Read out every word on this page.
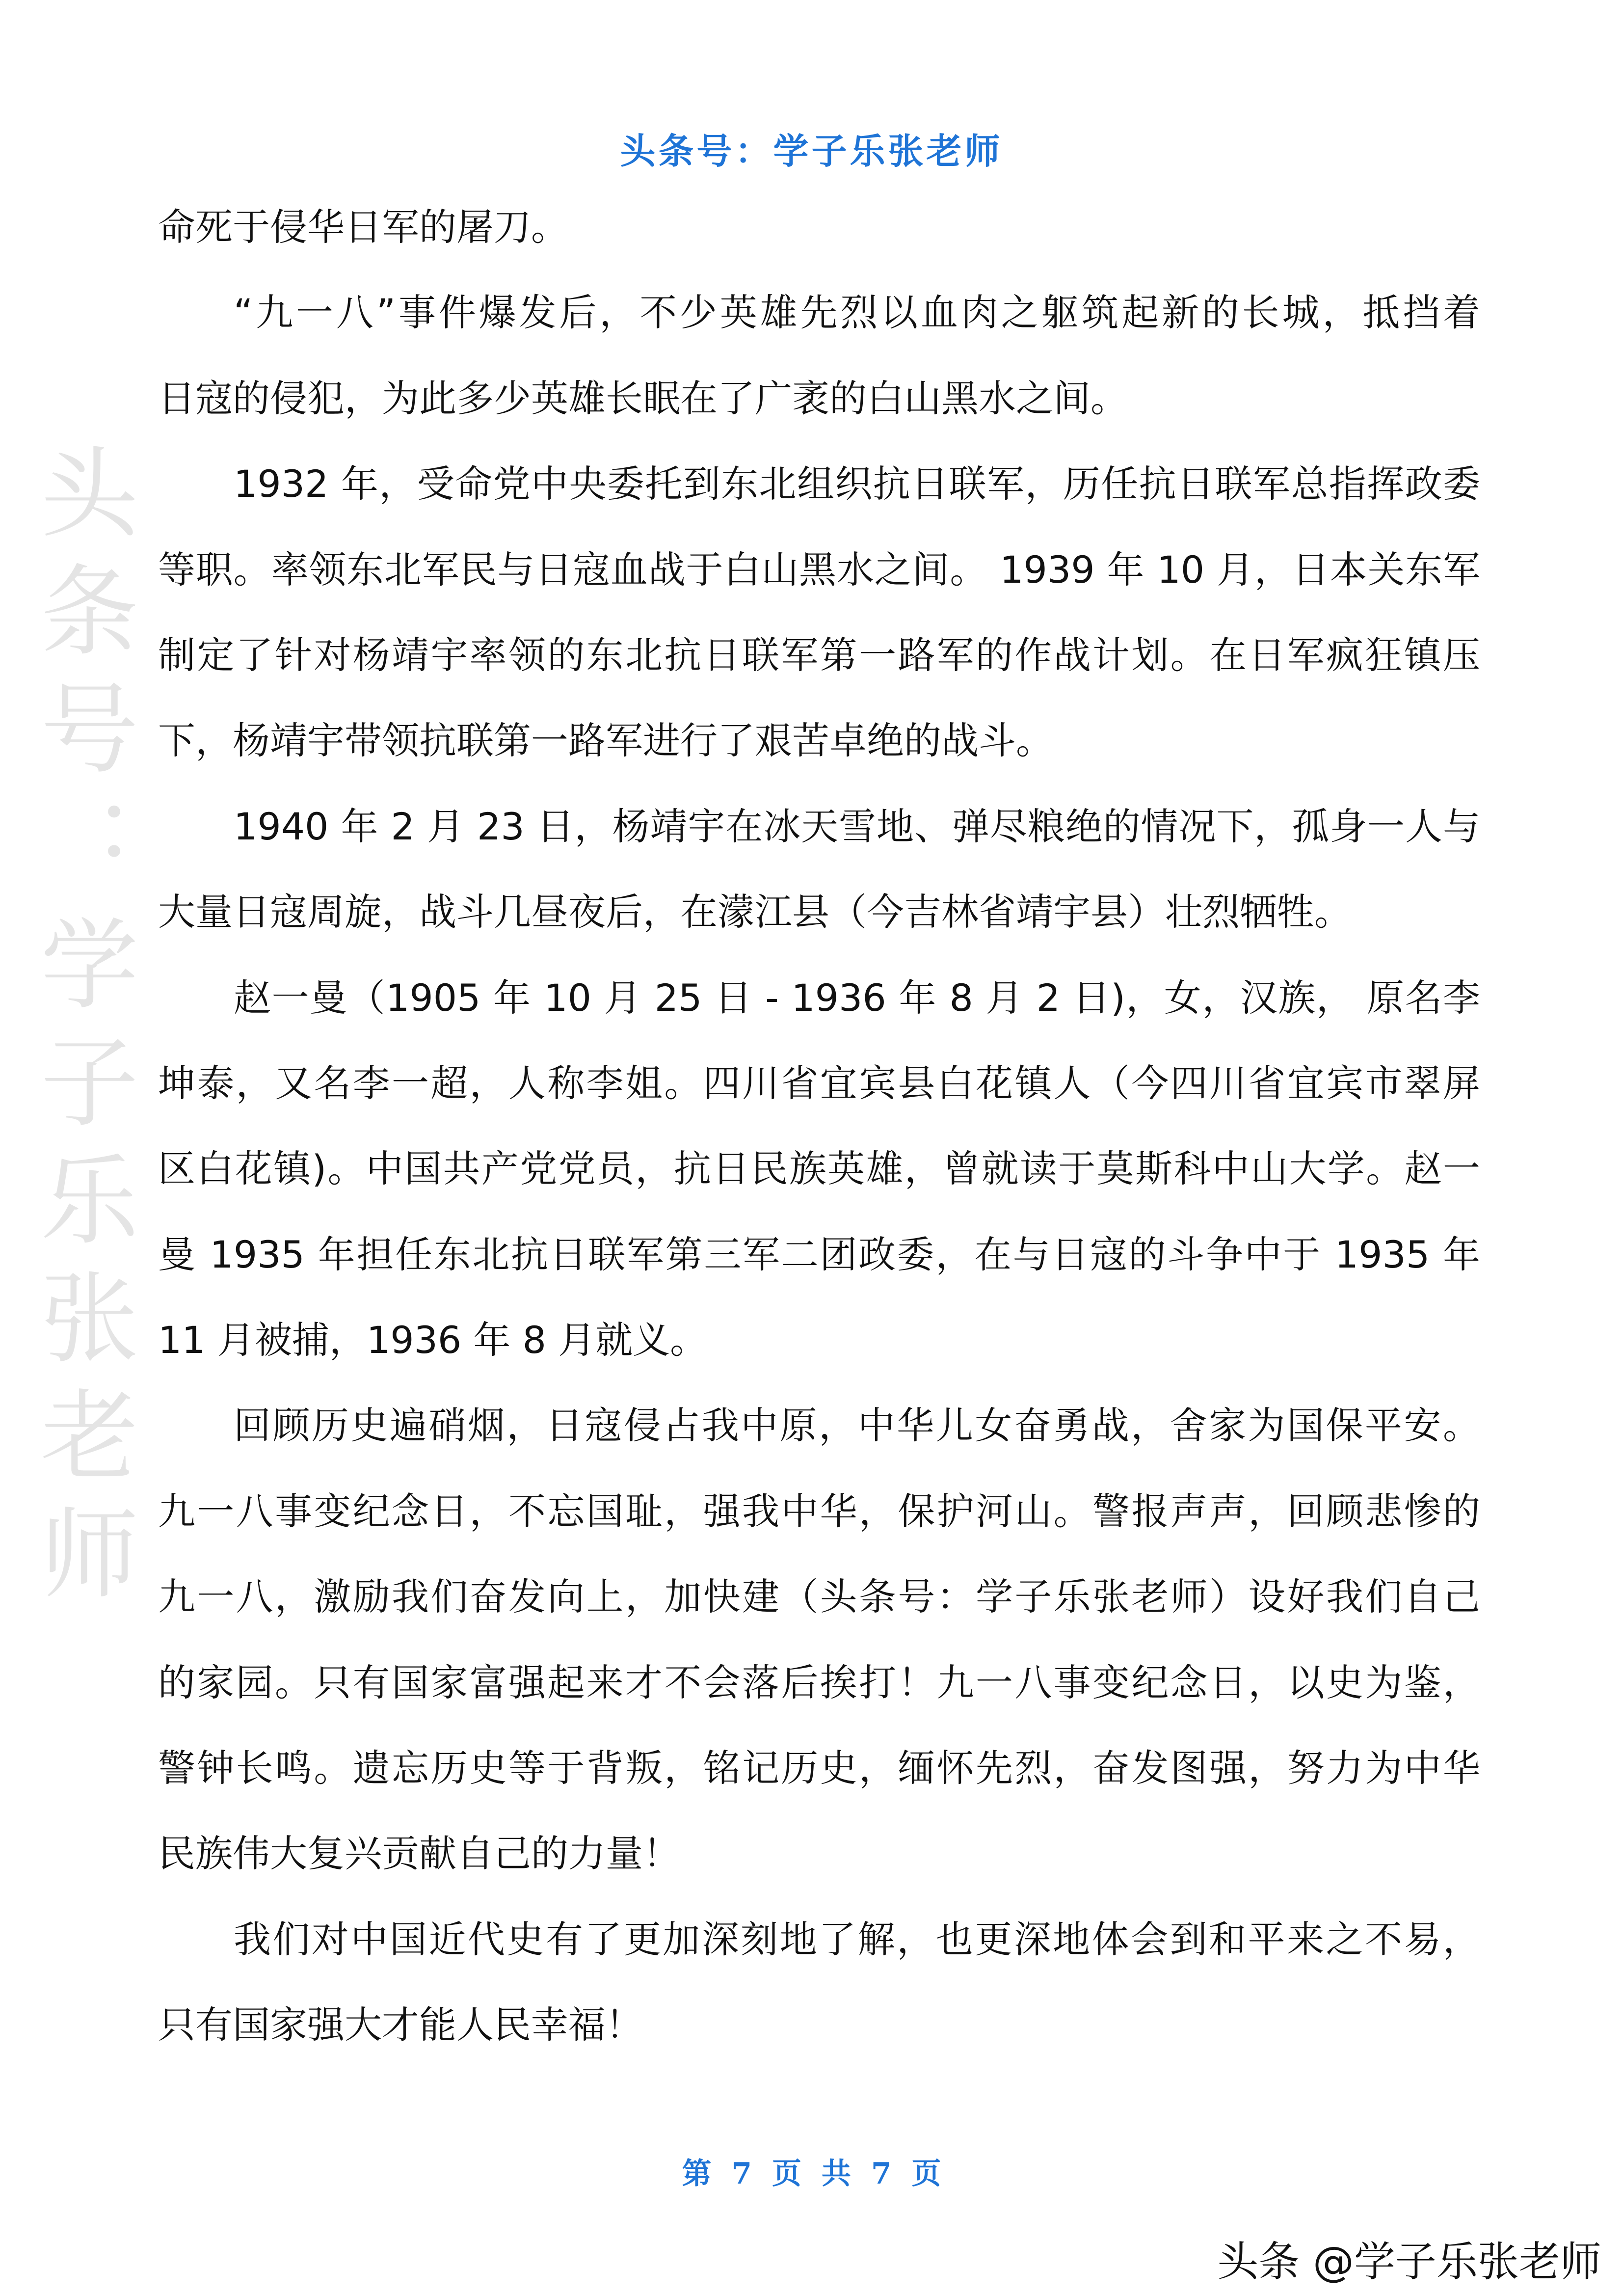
头条号：学子乐张老师
头条号：学子乐张老师
命死于侵华日军的屠刀。
“九一八”事件爆发后，不少英雄先烈以血肉之躯筑起新的长城，抵挡着
日寇的侵犯，为此多少英雄长眠在了广袤的白山黑水之间。
1932 年，受命党中央委托到东北组织抗日联军，历任抗日联军总指挥政委
等职。率领东北军民与日寇血战于白山黑水之间。 1939 年 10 月，日本关东军
制定了针对杨靖宇率领的东北抗日联军第一路军的作战计划。在日军疯狂镇压
下，杨靖宇带领抗联第一路军进行了艰苦卓绝的战斗。
1940 年 2 月 23 日，杨靖宇在冰天雪地、弹尽粮绝的情况下，孤身一人与
大量日寇周旋，战斗几昼夜后，在濛江县（今吉林省靖宇县）壮烈牺牲。
赵一曼（1905 年 10 月 25 日 - 1936 年 8 月 2 日)，女，汉族， 原名李
坤泰，又名李一超，人称李姐。四川省宜宾县白花镇人（今四川省宜宾市翠屏
区白花镇)。中国共产党党员，抗日民族英雄，曾就读于莫斯科中山大学。赵一
曼 1935 年担任东北抗日联军第三军二团政委，在与日寇的斗争中于 1935 年
11 月被捕，1936 年 8 月就义。
回顾历史遍硝烟，日寇侵占我中原，中华儿女奋勇战，舍家为国保平安。
九一八事变纪念日，不忘国耻，强我中华，保护河山。警报声声，回顾悲惨的
九一八，激励我们奋发向上，加快建（头条号：学子乐张老师）设好我们自己
的家园。只有国家富强起来才不会落后挨打！九一八事变纪念日，以史为鉴，
警钟长鸣。遗忘历史等于背叛，铭记历史，缅怀先烈，奋发图强，努力为中华
民族伟大复兴贡献自己的力量！
我们对中国近代史有了更加深刻地了解，也更深地体会到和平来之不易，
只有国家强大才能人民幸福！
第 7 页 共 7 页
头条 @学子乐张老师
